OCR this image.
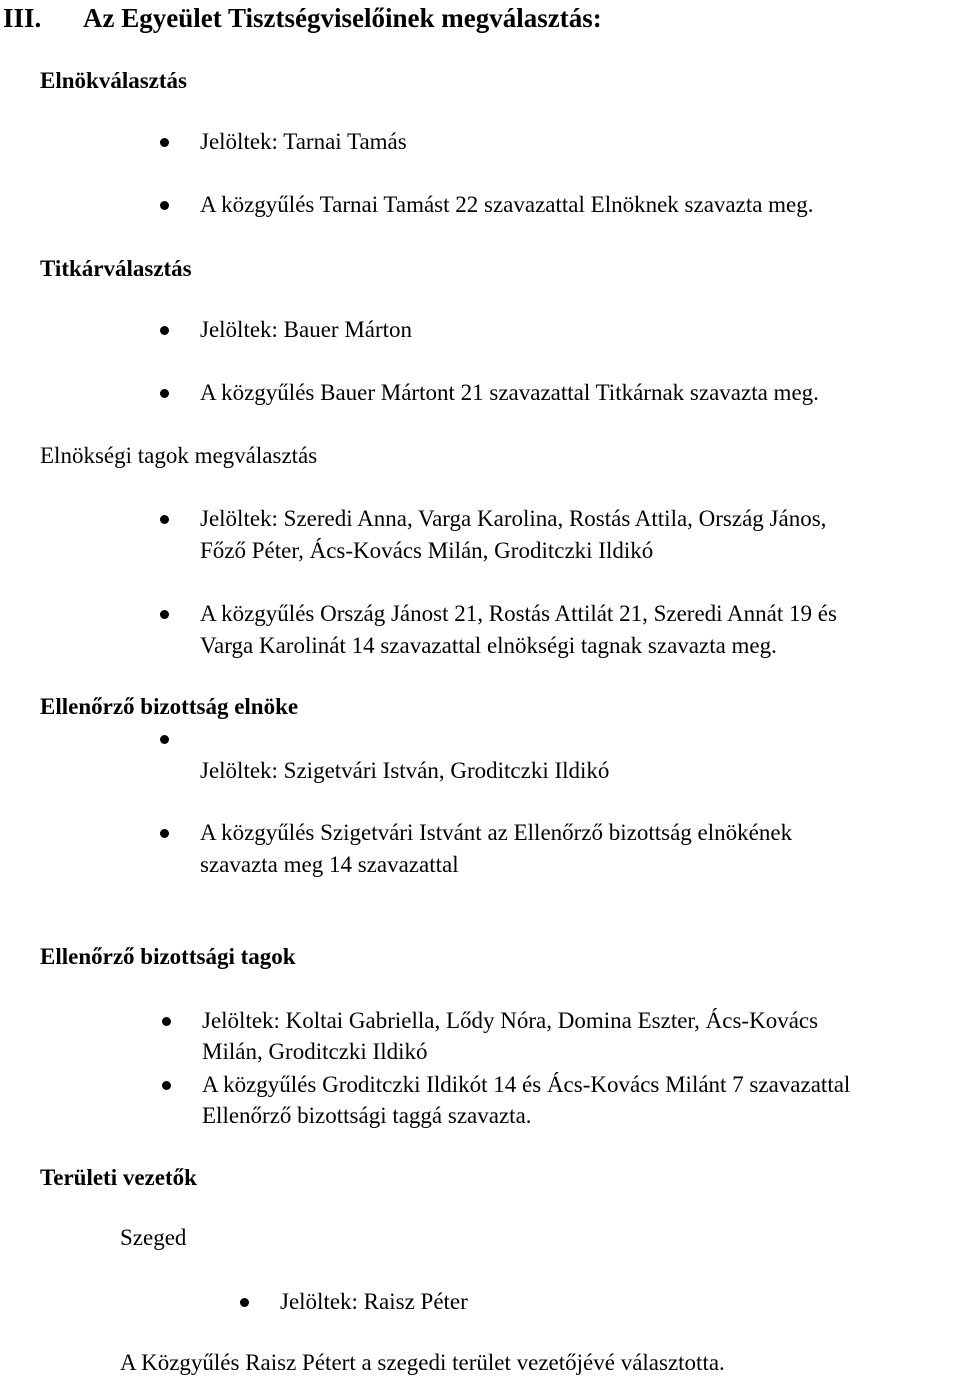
III. Az Egyeület Tisztségviselőinek megválasztás:
Elnökválasztás
Jelöltek: Tarnai Tamás
A közgyűlés Tarnai Tamást 22 szavazattal Elnöknek szavazta meg.
Titkárválasztás
Jelöltek: Bauer Márton
A közgyűlés Bauer Mártont 21 szavazattal Titkárnak szavazta meg.
Elnökségi tagok megválasztás
Jelöltek: Szeredi Anna, Varga Karolina, Rostás Attila, Ország János,
Főző Péter, Ács-Kovács Milán, Groditczki Ildikó
A közgyűlés Ország Jánost 21, Rostás Attilát 21, Szeredi Annát 19 és
Varga Karolinát 14 szavazattal elnökségi tagnak szavazta meg.
Ellenőrző bizottság elnöke
Jelöltek: Szigetvári István, Groditczki Ildikó
A közgyűlés Szigetvári Istvánt az Ellenőrző bizottság elnökének
szavazta meg 14 szavazattal
Ellenőrző bizottsági tagok
Jelöltek: Koltai Gabriella, Lődy Nóra, Domina Eszter, Ács-Kovács
Milán, Groditczki Ildikó
A közgyűlés Groditczki Ildikót 14 és Ács-Kovács Milánt 7 szavazattal
Ellenőrző bizottsági taggá szavazta.
Területi vezetők
Szeged
Jelöltek: Raisz Péter
A Közgyűlés Raisz Pétert a szegedi terület vezetőjévé választotta.
